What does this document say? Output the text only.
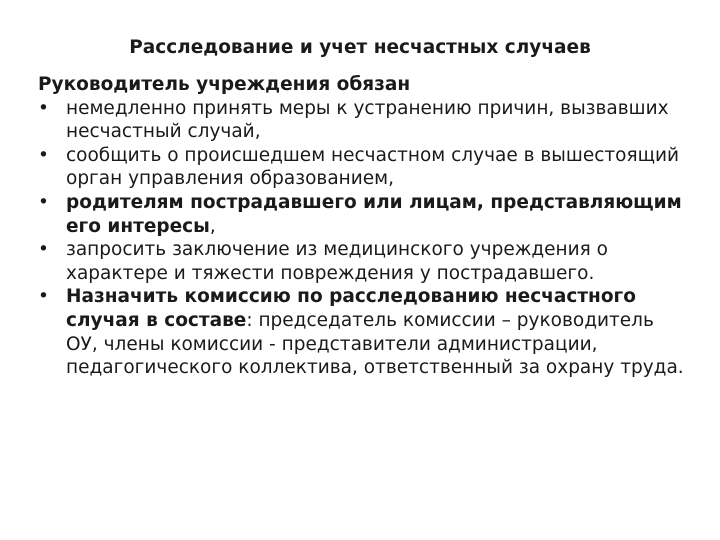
Расследование и учет несчастных случаев

Руководитель учреждения обязан

• немедленно принять меры к устранению причин, вызвавших несчастный случай,
• сообщить о происшедшем несчастном случае в вышестоящий орган управления образованием,
• родителям пострадавшего или лицам, представляющим его интересы,
• запросить заключение из медицинского учреждения о характере и тяжести повреждения у пострадавшего.
• Назначить комиссию по расследованию несчастного случая в составе: председатель комиссии – руководитель ОУ, члены комиссии - представители администрации, педагогического коллектива, ответственный за охрану труда.
